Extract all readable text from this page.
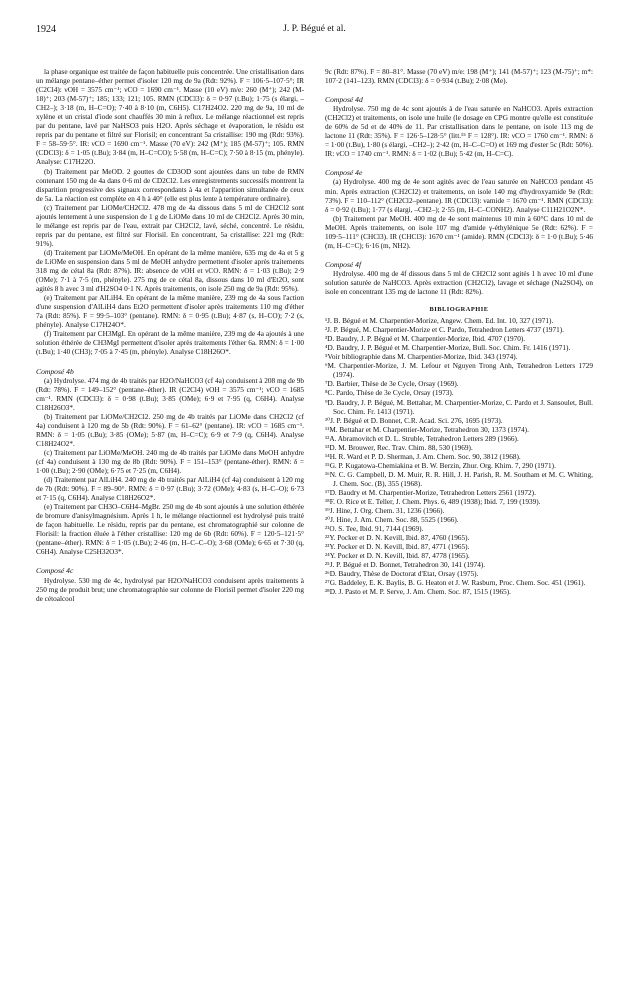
1924	J. P. Bégué et al.

la phase organique est traitée de façon habituelle puis concentrée. Une cristallisation dans un mélange pentane–éther permet d'isoler 120 mg de 9a (Rdt: 92%). F = 106·5–107·5°; IR (C2Cl4): νOH = 3575 cm⁻¹; νCO = 1690 cm⁻¹. Masse (10 eV) m/e: 260 (M⁺); 242 (M-18)⁺; 203 (M-57)⁺; 185; 133; 121; 105. RMN (CDCl3): δ = 0·97 (t.Bu); 1·75 (s élargi, –CH2–); 3·18 (m, H–C=O); 7·40 à 8·10 (m, C6H5). C17H24O2. 220 mg de 9a, 10 ml de xylène et un cristal d'iode sont chauffés 30 min à reflux. Le mélange réactionnel est repris par du pentane, lavé par NaHSO3 puis H2O. Après séchage et évaporation, le résidu est repris par du pentane et filtré sur Florisil; en concentrant 5a cristallise: 190 mg (Rdt: 93%). F = 58–59·5°. IR: νCO = 1690 cm⁻¹. Masse (70 eV): 242 (M⁺); 185 (M-57)⁺; 105. RMN (CDCl3): δ = 1·05 (t.Bu); 3·84 (m, H–C=CO); 5·58 (m, H–C=C); 7·50 à 8·15 (m, phényle). Analyse: C17H22O.

(b) Traitement par MeOD. 2 gouttes de CD3OD sont ajoutées dans un tube de RMN contenant 150 mg de 4a dans 0·6 ml de CD2Cl2. Les enregistrements successifs montrent la disparition progressive des signaux correspondants à 4a et l'apparition simultanée de ceux de 5a. La réaction est complète en 4 h à 40° (elle est plus lente à température ordinaire).

(c) Traitement par LiOMe/CH2Cl2. 478 mg de 4a dissous dans 5 ml de CH2Cl2 sont ajoutés lentement à une suspension de 1 g de LiOMe dans 10 ml de CH2Cl2. Après 30 min, le mélange est repris par de l'eau, extrait par CH2Cl2, lavé, séché, concentré. Le résidu, repris par du pentane, est filtré sur Florisil. En concentrant, 5a cristallise: 221 mg (Rdt: 91%).

(d) Traitement par LiOMe/MeOH. En opérant de la même manière, 635 mg de 4a et 5 g de LiOMe en suspension dans 5 ml de MeOH anhydre permettent d'isoler après traitements 318 mg de cétal 8a (Rdt: 87%). IR: absence de νOH et νCO. RMN: δ = 1·03 (t.Bu); 2·9 (OMe); 7·1 à 7·5 (m, phényle). 275 mg de ce cétal 8a, dissous dans 10 ml d'Et2O, sont agités 8 h avec 3 ml d'H2SO4 0·1 N. Après traitements, on isole 250 mg de 9a (Rdt: 95%).

(e) Traitement par AlLiH4. En opérant de la même manière, 239 mg de 4a sous l'action d'une suspension d'AlLiH4 dans Et2O permettent d'isoler après traitements 110 mg d'éther 7a (Rdt: 85%). F = 99·5–103° (pentane). RMN: δ = 0·95 (t.Bu); 4·87 (s, H–CO); 7·2 (s, phényle). Analyse C17H24O*.

(f) Traitement par CH3MgI. En opérant de la même manière, 239 mg de 4a ajoutés à une solution éthérée de CH3MgI permettent d'isoler après traitements l'éther 6a. RMN: δ = 1·00 (t.Bu); 1·40 (CH3); 7·05 à 7·45 (m, phényle). Analyse C18H26O*.

Composé 4b

(a) Hydrolyse. 474 mg de 4b traités par H2O/NaHCO3 (cf 4a) conduisent à 208 mg de 9b (Rdt: 78%). F = 149–152° (pentane–éther). IR (C2Cl4) νOH = 3575 cm⁻¹; νCO = 1685 cm⁻¹. RMN (CDCl3): δ = 0·98 (t.Bu); 3·85 (OMe); 6·9 et 7·95 (q, C6H4). Analyse C18H26O3*.

(b) Traitement par LiOMe/CH2Cl2. 250 mg de 4b traités par LiOMe dans CH2Cl2 (cf 4a) conduisent à 120 mg de 5b (Rdt: 90%). F = 61–62° (pentane). IR: νCO = 1685 cm⁻¹. RMN: δ = 1·05 (t.Bu); 3·85 (OMe); 5·87 (m, H–C=C); 6·9 et 7·9 (q, C6H4). Analyse C18H24O2*.

(c) Traitement par LiOMe/MeOH. 240 mg de 4b traités par LiOMe dans MeOH anhydre (cf 4a) conduisent à 130 mg de 8b (Rdt: 90%). F = 151–153° (pentane-éther). RMN: δ = 1·00 (t.Bu); 2·90 (OMe); 6·75 et 7·25 (m, C6H4).

(d) Traitement par AlLiH4. 240 mg de 4b traités par AlLiH4 (cf 4a) conduisent à 120 mg de 7b (Rdt: 90%). F = 89–90°. RMN: δ = 0·97 (t.Bu); 3·72 (OMe); 4·83 (s, H–C–O); 6·73 et 7·15 (q, C6H4). Analyse C18H26O2*.

(e) Traitement par CH3O–C6H4–MgBr. 250 mg de 4b sont ajoutés à une solution éthérée de bromure d'anisylmagnésium. Après 1 h, le mélange réactionnel est hydrolysé puis traité de façon habituelle. Le résidu, repris par du pentane, est chromatographié sur colonne de Florisil: la fraction éluée à l'éther cristallise: 120 mg de 6b (Rdt: 60%). F = 120·5–121·5° (pentane–éther). RMN: δ = 1·05 (t.Bu); 2·46 (m, H–C–C–O); 3·68 (OMe); 6·65 et 7·30 (q, C6H4). Analyse C25H32O3*.

Composé 4c

Hydrolyse. 530 mg de 4c, hydrolysé par H2O/NaHCO3 conduisent après traitements à 250 mg de produit brut; une chromatographie sur colonne de Florisil permet d'isoler 220 mg de cétoalcool

9c (Rdt: 87%). F = 80–81°. Masse (70 eV) m/e: 198 (M⁺); 141 (M-57)⁺; 123 (M-75)⁺; m*: 107·2 (141–123). RMN (CDCl3): δ = 0·934 (t.Bu); 2·08 (Me).

Composé 4d

Hydrolyse. 750 mg de 4c sont ajoutés à de l'eau saturée en NaHCO3. Après extraction (CH2Cl2) et traitements, on isole une huile (le dosage en CPG montre qu'elle est constituée de 60% de 5d et de 40% de 11. Par cristallisation dans le pentane, on isole 113 mg de lactone 11 (Rdt: 35%). F = 126·5–128·5° (litt.¹⁵ F = 128°). IR: νCO = 1760 cm⁻¹. RMN: δ = 1·00 (t.Bu), 1·80 (s élargi, –CH2–); 2·42 (m, H–C–C=O) et 169 mg d'ester 5c (Rdt: 50%). IR: νCO = 1740 cm⁻¹. RMN: δ = 1·02 (t.Bu); 5·42 (m, H–C=C).

Composé 4e

(a) Hydrolyse. 400 mg de 4e sont agités avec de l'eau saturée en NaHCO3 pendant 45 min. Après extraction (CH2Cl2) et traitements, on isole 140 mg d'hydroxyamide 9e (Rdt: 73%). F = 110–112° (CH2Cl2–pentane). IR (CDCl3): νamide = 1670 cm⁻¹. RMN (CDCl3): δ = 0·92 (t.Bu); 1·77 (s élargi, –CH2–); 2·55 (m, H–C–CONH2). Analyse C11H21O2N*.

(b) Traitement par MeOH. 400 mg de 4e sont maintenus 10 min à 60°C dans 10 ml de MeOH. Après traitements, on isole 107 mg d'amide γ-éthylénique 5e (Rdt: 62%). F = 109·5–111° (CHCl3). IR (CHCl3): 1670 cm⁻¹ (amide). RMN (CDCl3): δ = 1·0 (t.Bu); 5·46 (m, H–C=C); 6·16 (m, NH2).

Composé 4f

Hydrolyse. 400 mg de 4f dissous dans 5 ml de CH2Cl2 sont agités 1 h avec 10 ml d'une solution saturée de NaHCO3. Après extraction (CH2Cl2), lavage et séchage (Na2SO4), on isole en concentrant 135 mg de lactone 11 (Rdt: 82%).

BIBLIOGRAPHIE

¹J. B. Bégué et M. Charpentier-Morize, Angew. Chem. Ed. Int. 10, 327 (1971).

²J. P. Bégué, M. Charpentier-Morize et C. Pardo, Tetrahedron Letters 4737 (1971).

³D. Baudry, J. P. Bégué et M. Charpentier-Morize, Ibid. 4707 (1970).

⁴D. Baudry, J. P. Bégué et M. Charpentier-Morize, Bull. Soc. Chim. Fr. 1416 (1971).

⁵Voir bibliographie dans M. Charpentier-Morize, Ibid. 343 (1974).

⁶M. Charpentier-Morize, J. M. Lefour et Nguyen Trong Anh, Tetrahedron Letters 1729 (1974).

⁷D. Barbier, Thèse de 3e Cycle, Orsay (1969).

⁸C. Pardo, Thèse de 3e Cycle, Orsay (1973).

⁹D. Baudry, J. P. Bégué, M. Bettahar, M. Charpentier-Morize, C. Pardo et J. Sansoulet, Bull. Soc. Chim. Fr. 1413 (1971).

¹⁰J. P. Bégué et D. Bonnet, C.R. Acad. Sci. 276, 1695 (1973).

¹¹M. Bettahar et M. Charpentier-Morize, Tetrahedron 30, 1373 (1974).

¹²A. Abramovitch et D. L. Struble, Tetrahedron Letters 289 (1966).

¹³D. M. Brouwer, Rec. Trav. Chim. 88, 530 (1969).

¹⁴H. R. Ward et P. D. Sherman, J. Am. Chem. Soc. 90, 3812 (1968).

¹⁵G. P. Kugatowa-Chemiakina et B. W. Berzin, Zhur. Org. Khim. 7, 290 (1971).

¹⁶N. C. G. Campbell, D. M. Muir, R. R. Hill, J. H. Parish, R. M. Southam et M. C. Whiting, J. Chem. Soc. (B), 355 (1968).

¹⁷D. Baudry et M. Charpentier-Morize, Tetrahedron Letters 2561 (1972).

¹⁸F. O. Rice et E. Teller, J. Chem. Phys. 6, 489 (1938); Ibid. 7, 199 (1939).

¹⁹J. Hine, J. Org. Chem. 31, 1236 (1966).

²⁰J. Hine, J. Am. Chem. Soc. 88, 5525 (1966).

²¹O. S. Tee, Ibid. 91, 7144 (1969).

²²Y. Pocker et D. N. Kevill, Ibid. 87, 4760 (1965).

²³Y. Pocker et D. N. Kevill, Ibid. 87, 4771 (1965).

²⁴Y. Pocker et D. N. Kevill, Ibid. 87, 4778 (1965).

²⁵J. P. Bégué et D. Bonnet, Tetrahedron 30, 141 (1974).

²⁶D. Baudry, Thèse de Doctorat d'Etat, Orsay (1975).

²⁷G. Baddeley, E. K. Baylis, B. G. Heaton et J. W. Rasburn, Proc. Chem. Soc. 451 (1961).

²⁸D. J. Pasto et M. P. Serve, J. Am. Chem. Soc. 87, 1515 (1965).
